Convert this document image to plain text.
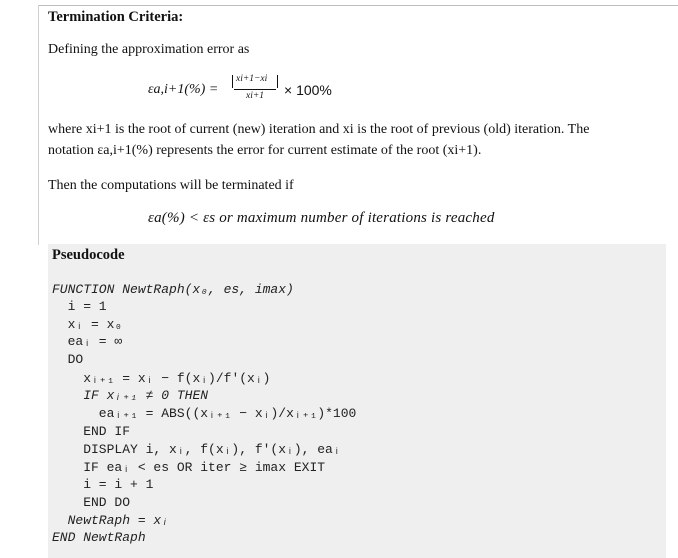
Termination Criteria:
Defining the approximation error as
εa,i+1(%) =
xi+1−xi
xi+1 × 100%
where xi+1 is the root of current (new) iteration and xi is the root of previous (old) iteration. The
notation εa,i+1(%) represents the error for current estimate of the root (xi+1).
Then the computations will be terminated if
εa(%) < εs or maximum number of iterations is reached
Pseudocode

FUNCTION NewtRaph(x₀, es, imax)

i = 1

xᵢ = x₀

eaᵢ = ∞

DO

xᵢ₊₁ = xᵢ − f(xᵢ)/f′(xᵢ)

IF xᵢ₊₁ ≠ 0 THEN

eaᵢ₊₁ = ABS((xᵢ₊₁ − xᵢ)/xᵢ₊₁)*100

END IF

DISPLAY i, xᵢ, f(xᵢ), f′(xᵢ), eaᵢ

IF eaᵢ < es OR iter ≥ imax EXIT

i = i + 1

END DO

NewtRaph = xᵢ

END NewtRaph
